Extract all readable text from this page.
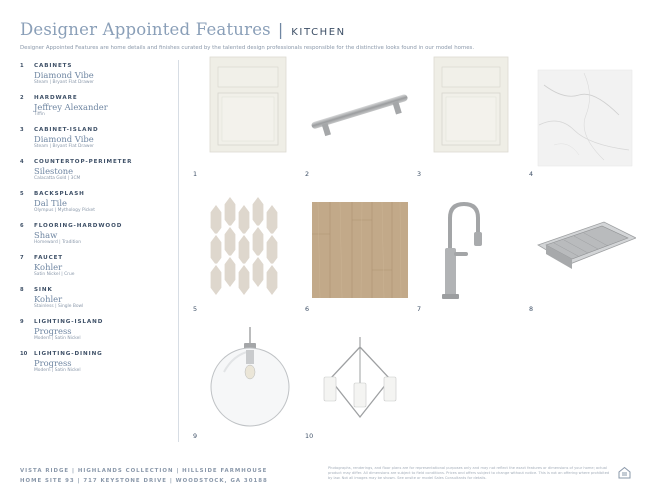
Designer Appointed Features | KITCHEN
Designer Appointed Features are home details and finishes curated by the talented design professionals responsible for the distinctive looks found in our model homes.
1	CABINETS
Diamond Vibe
Steam | Bryant Flat Drawer
2	HARDWARE
Jeffrey Alexander
Tiffin
3	CABINET-ISLAND
Diamond Vibe
Steam | Bryant Flat Drawer
4	COUNTERTOP-PERIMETER
Silestone
Calacatta Gold | 3CM
5	BACKSPLASH
Dal Tile
Olympus | Mythology Picket
6	FLOORING-HARDWOOD
Shaw
Homeward | Tradition
7	FAUCET
Kohler
Satin Nickel | Crue
8	SINK
Kohler
Stainless | Single Bowl
9	LIGHTING-ISLAND
Progress
Modern | Satin Nickel
10	LIGHTING-DINING
Progress
Modern | Satin Nickel
1	2	3	4
5	6	7	8
9	10
VISTA RIDGE | HIGHLANDS COLLECTION | HILLSIDE FARMHOUSE
HOME SITE 93 | 717 KEYSTONE DRIVE | WOODSTOCK, GA 30188
Photographs, renderings, and floor plans are for representational purposes only and may not reflect the exact features or dimensions of your home; actual product may differ. All dimensions are subject to field conditions. Prices and offers subject to change without notice. This is not an offering where prohibited by law. Not all images may be shown. See onsite or model Sales Consultants for details.
